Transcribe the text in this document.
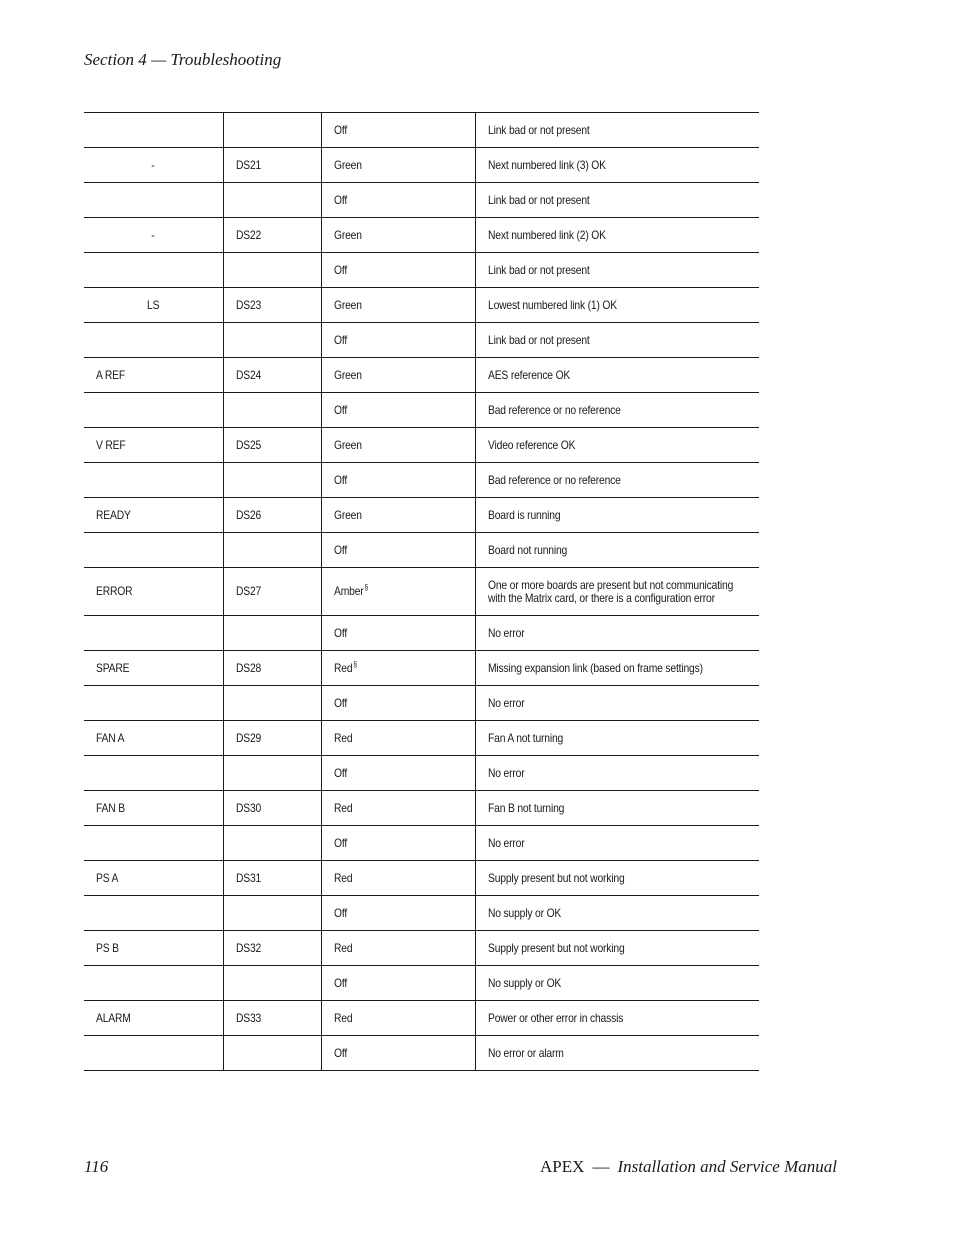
Section 4 — Troubleshooting
		Off	Link bad or not present
-	DS21	Green	Next numbered link (3) OK
		Off	Link bad or not present
-	DS22	Green	Next numbered link (2) OK
		Off	Link bad or not present
LS	DS23	Green	Lowest numbered link (1) OK
		Off	Link bad or not present
A REF	DS24	Green	AES reference OK
		Off	Bad reference or no reference
V REF	DS25	Green	Video reference OK
		Off	Bad reference or no reference
READY	DS26	Green	Board is running
		Off	Board not running
ERROR	DS27	Amber§	One or more boards are present but not communicating with the Matrix card, or there is a configuration error
		Off	No error
SPARE	DS28	Red§	Missing expansion link (based on frame settings)
		Off	No error
FAN A	DS29	Red	Fan A not turning
		Off	No error
FAN B	DS30	Red	Fan B not turning
		Off	No error
PS A	DS31	Red	Supply present but not working
		Off	No supply or OK
PS B	DS32	Red	Supply present but not working
		Off	No supply or OK
ALARM	DS33	Red	Power or other error in chassis
		Off	No error or alarm
116	APEX — Installation and Service Manual
